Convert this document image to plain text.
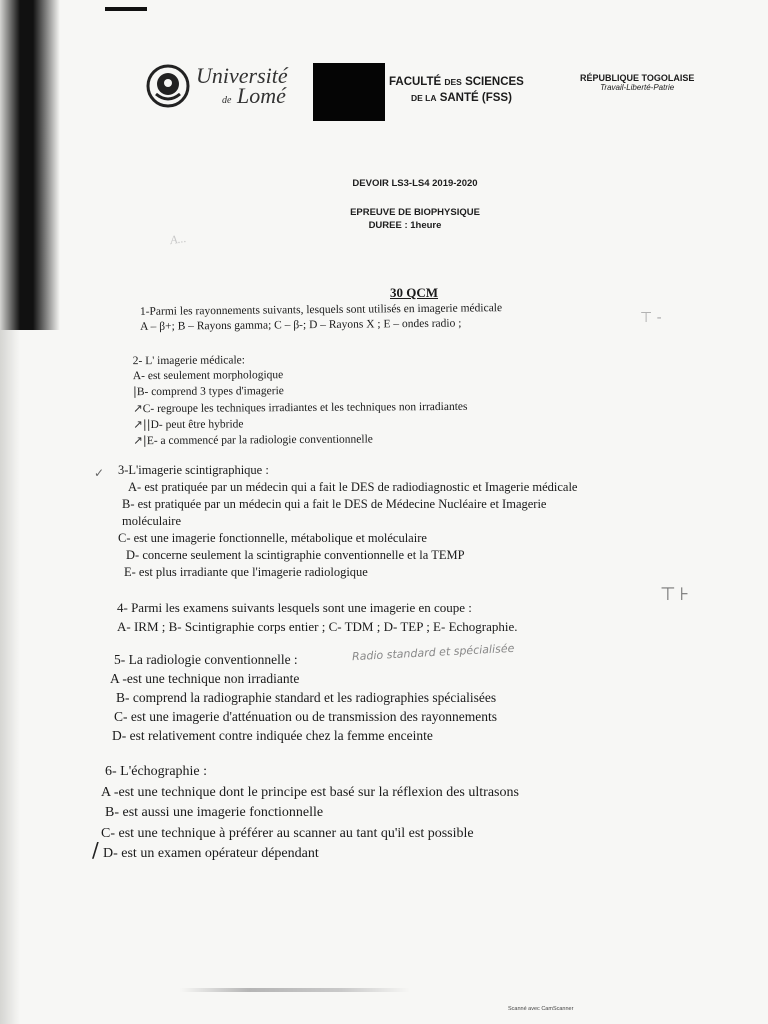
Université
de Lomé
FACULTÉ DES SCIENCES
DE LA SANTÉ (FSS)
RÉPUBLIQUE TOGOLAISE
Travail-Liberté-Patrie
DEVOIR LS3-LS4 2019-2020
EPREUVE DE BIOPHYSIQUE
DUREE : 1heure
A...
30 QCM
1-Parmi les rayonnements suivants, lesquels sont utilisés en imagerie médicale
A – β+; B – Rayons gamma; C – β-; D – Rayons X ; E – ondes radio ;	⊤ -
2- L' imagerie médicale:
A- est seulement morphologique
|B- comprend 3 types d'imagerie
↗C- regroupe les techniques irradiantes et les techniques non irradiantes
↗||D- peut être hybride
↗|E- a commencé par la radiologie conventionnelle
✓ 3-L'imagerie scintigraphique :
A- est pratiquée par un médecin qui a fait le DES de radiodiagnostic et Imagerie médicale
B- est pratiquée par un médecin qui a fait le DES de Médecine Nucléaire et Imagerie
moléculaire
C- est une imagerie fonctionnelle, métabolique et moléculaire
D- concerne seulement la scintigraphie conventionnelle et la TEMP
E- est plus irradiante que l'imagerie radiologique
⊤⊦
4- Parmi les examens suivants lesquels sont une imagerie en coupe :
A- IRM ; B- Scintigraphie corps entier ; C- TDM ; D- TEP ; E- Echographie.
5- La radiologie conventionnelle :
A -est une technique non irradiante
B- comprend la radiographie standard et les radiographies spécialisées
C- est une imagerie d'atténuation ou de transmission des rayonnements
D- est relativement contre indiquée chez la femme enceinte
Radio standard et spécialisée
6- L'échographie :
A -est une technique dont le principe est basé sur la réflexion des ultrasons
B- est aussi une imagerie fonctionnelle
C- est une technique à préférer au scanner au tant qu'il est possible
D- est un examen opérateur dépendant
/
Scanné avec CamScanner
